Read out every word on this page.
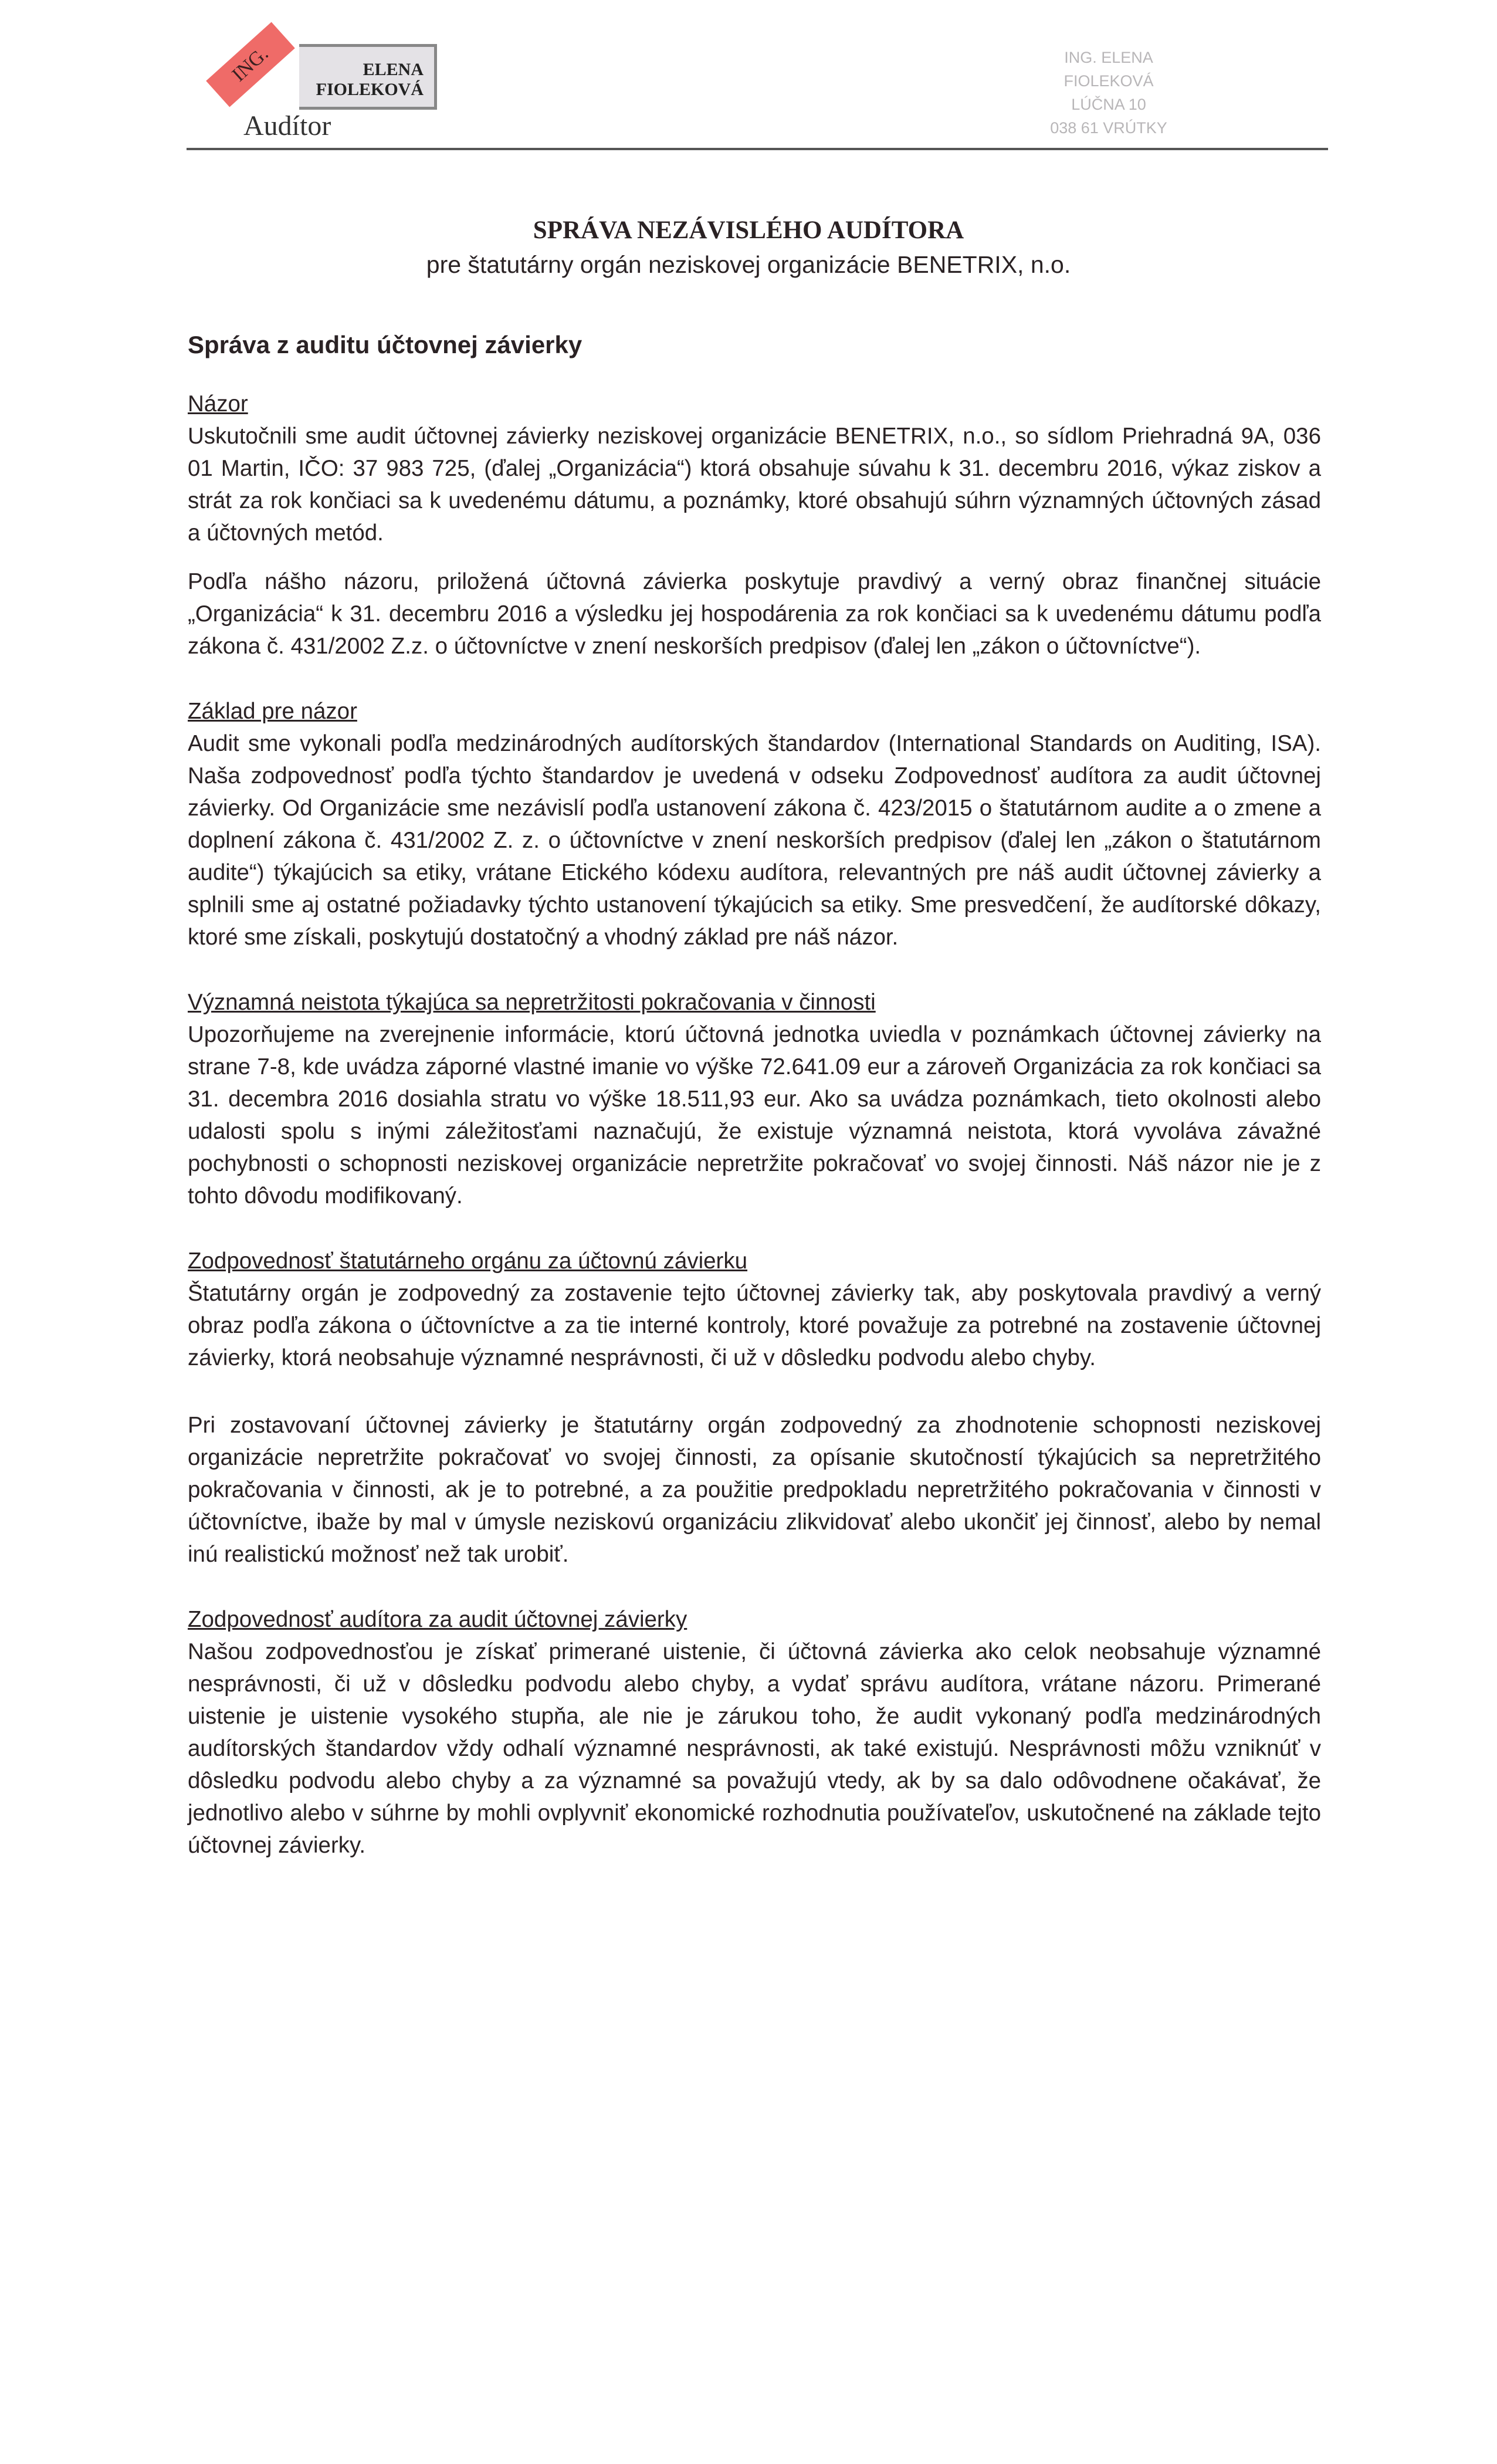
ELENA
FIOLEKOVÁ
ING.
Audítor
ING. ELENA FIOLEKOVÁ
LÚČNA 10
038 61 VRÚTKY
SPRÁVA NEZÁVISLÉHO AUDÍTORA
pre štatutárny orgán neziskovej organizácie BENETRIX, n.o.
Správa z auditu účtovnej závierky
Názor

Uskutočnili sme audit účtovnej závierky neziskovej organizácie BENETRIX, n.o., so sídlom Priehradná 9A, 036 01 Martin, IČO: 37 983 725, (ďalej „Organizácia“) ktorá obsahuje súvahu k 31. decembru 2016, výkaz ziskov a strát za rok končiaci sa k uvedenému dátumu, a poznámky, ktoré obsahujú súhrn významných účtovných zásad a účtovných metód.

Podľa nášho názoru, priložená účtovná závierka poskytuje pravdivý a verný obraz finančnej situácie „Organizácia“ k 31. decembru 2016 a výsledku jej hospodárenia za rok končiaci sa k uvedenému dátumu podľa zákona č. 431/2002 Z.z. o účtovníctve v znení neskorších predpisov (ďalej len „zákon o účtovníctve“).

Základ pre názor

Audit sme vykonali podľa medzinárodných audítorských štandardov (International Standards on Auditing, ISA). Naša zodpovednosť podľa týchto štandardov je uvedená v odseku Zodpovednosť audítora za audit účtovnej závierky. Od Organizácie sme nezávislí podľa ustanovení zákona č. 423/2015 o štatutárnom audite a o zmene a doplnení zákona č. 431/2002 Z. z. o účtovníctve v znení neskorších predpisov (ďalej len „zákon o štatutárnom audite“) týkajúcich sa etiky, vrátane Etického kódexu audítora, relevantných pre náš audit účtovnej závierky a splnili sme aj ostatné požiadavky týchto ustanovení týkajúcich sa etiky. Sme presvedčení, že audítorské dôkazy, ktoré sme získali, poskytujú dostatočný a vhodný základ pre náš názor.

Významná neistota týkajúca sa nepretržitosti pokračovania v činnosti

Upozorňujeme na zverejnenie informácie, ktorú účtovná jednotka uviedla v poznámkach účtovnej závierky na strane 7-8, kde uvádza záporné vlastné imanie vo výške 72.641.09 eur a zároveň Organizácia za rok končiaci sa 31. decembra 2016 dosiahla stratu vo výške 18.511,93 eur. Ako sa uvádza poznámkach, tieto okolnosti alebo udalosti spolu s inými záležitosťami naznačujú, že existuje významná neistota, ktorá vyvoláva závažné pochybnosti o schopnosti neziskovej organizácie nepretržite pokračovať vo svojej činnosti. Náš názor nie je z tohto dôvodu modifikovaný.

Zodpovednosť štatutárneho orgánu za účtovnú závierku

Štatutárny orgán je zodpovedný za zostavenie tejto účtovnej závierky tak, aby poskytovala pravdivý a verný obraz podľa zákona o účtovníctve a za tie interné kontroly, ktoré považuje za potrebné na zostavenie účtovnej závierky, ktorá neobsahuje významné nesprávnosti, či už v dôsledku podvodu alebo chyby.

Pri zostavovaní účtovnej závierky je štatutárny orgán zodpovedný za zhodnotenie schopnosti neziskovej organizácie nepretržite pokračovať vo svojej činnosti, za opísanie skutočností týkajúcich sa nepretržitého pokračovania v činnosti, ak je to potrebné, a za použitie predpokladu nepretržitého pokračovania v činnosti v účtovníctve, ibaže by mal v úmysle neziskovú organizáciu zlikvidovať alebo ukončiť jej činnosť, alebo by nemal inú realistickú možnosť než tak urobiť.

Zodpovednosť audítora za audit účtovnej závierky

Našou zodpovednosťou je získať primerané uistenie, či účtovná závierka ako celok neobsahuje významné nesprávnosti, či už v dôsledku podvodu alebo chyby, a vydať správu audítora, vrátane názoru. Primerané uistenie je uistenie vysokého stupňa, ale nie je zárukou toho, že audit vykonaný podľa medzinárodných audítorských štandardov vždy odhalí významné nesprávnosti, ak také existujú. Nesprávnosti môžu vzniknúť v dôsledku podvodu alebo chyby a za významné sa považujú vtedy, ak by sa dalo odôvodnene očakávať, že jednotlivo alebo v súhrne by mohli ovplyvniť ekonomické rozhodnutia používateľov, uskutočnené na základe tejto účtovnej závierky.
